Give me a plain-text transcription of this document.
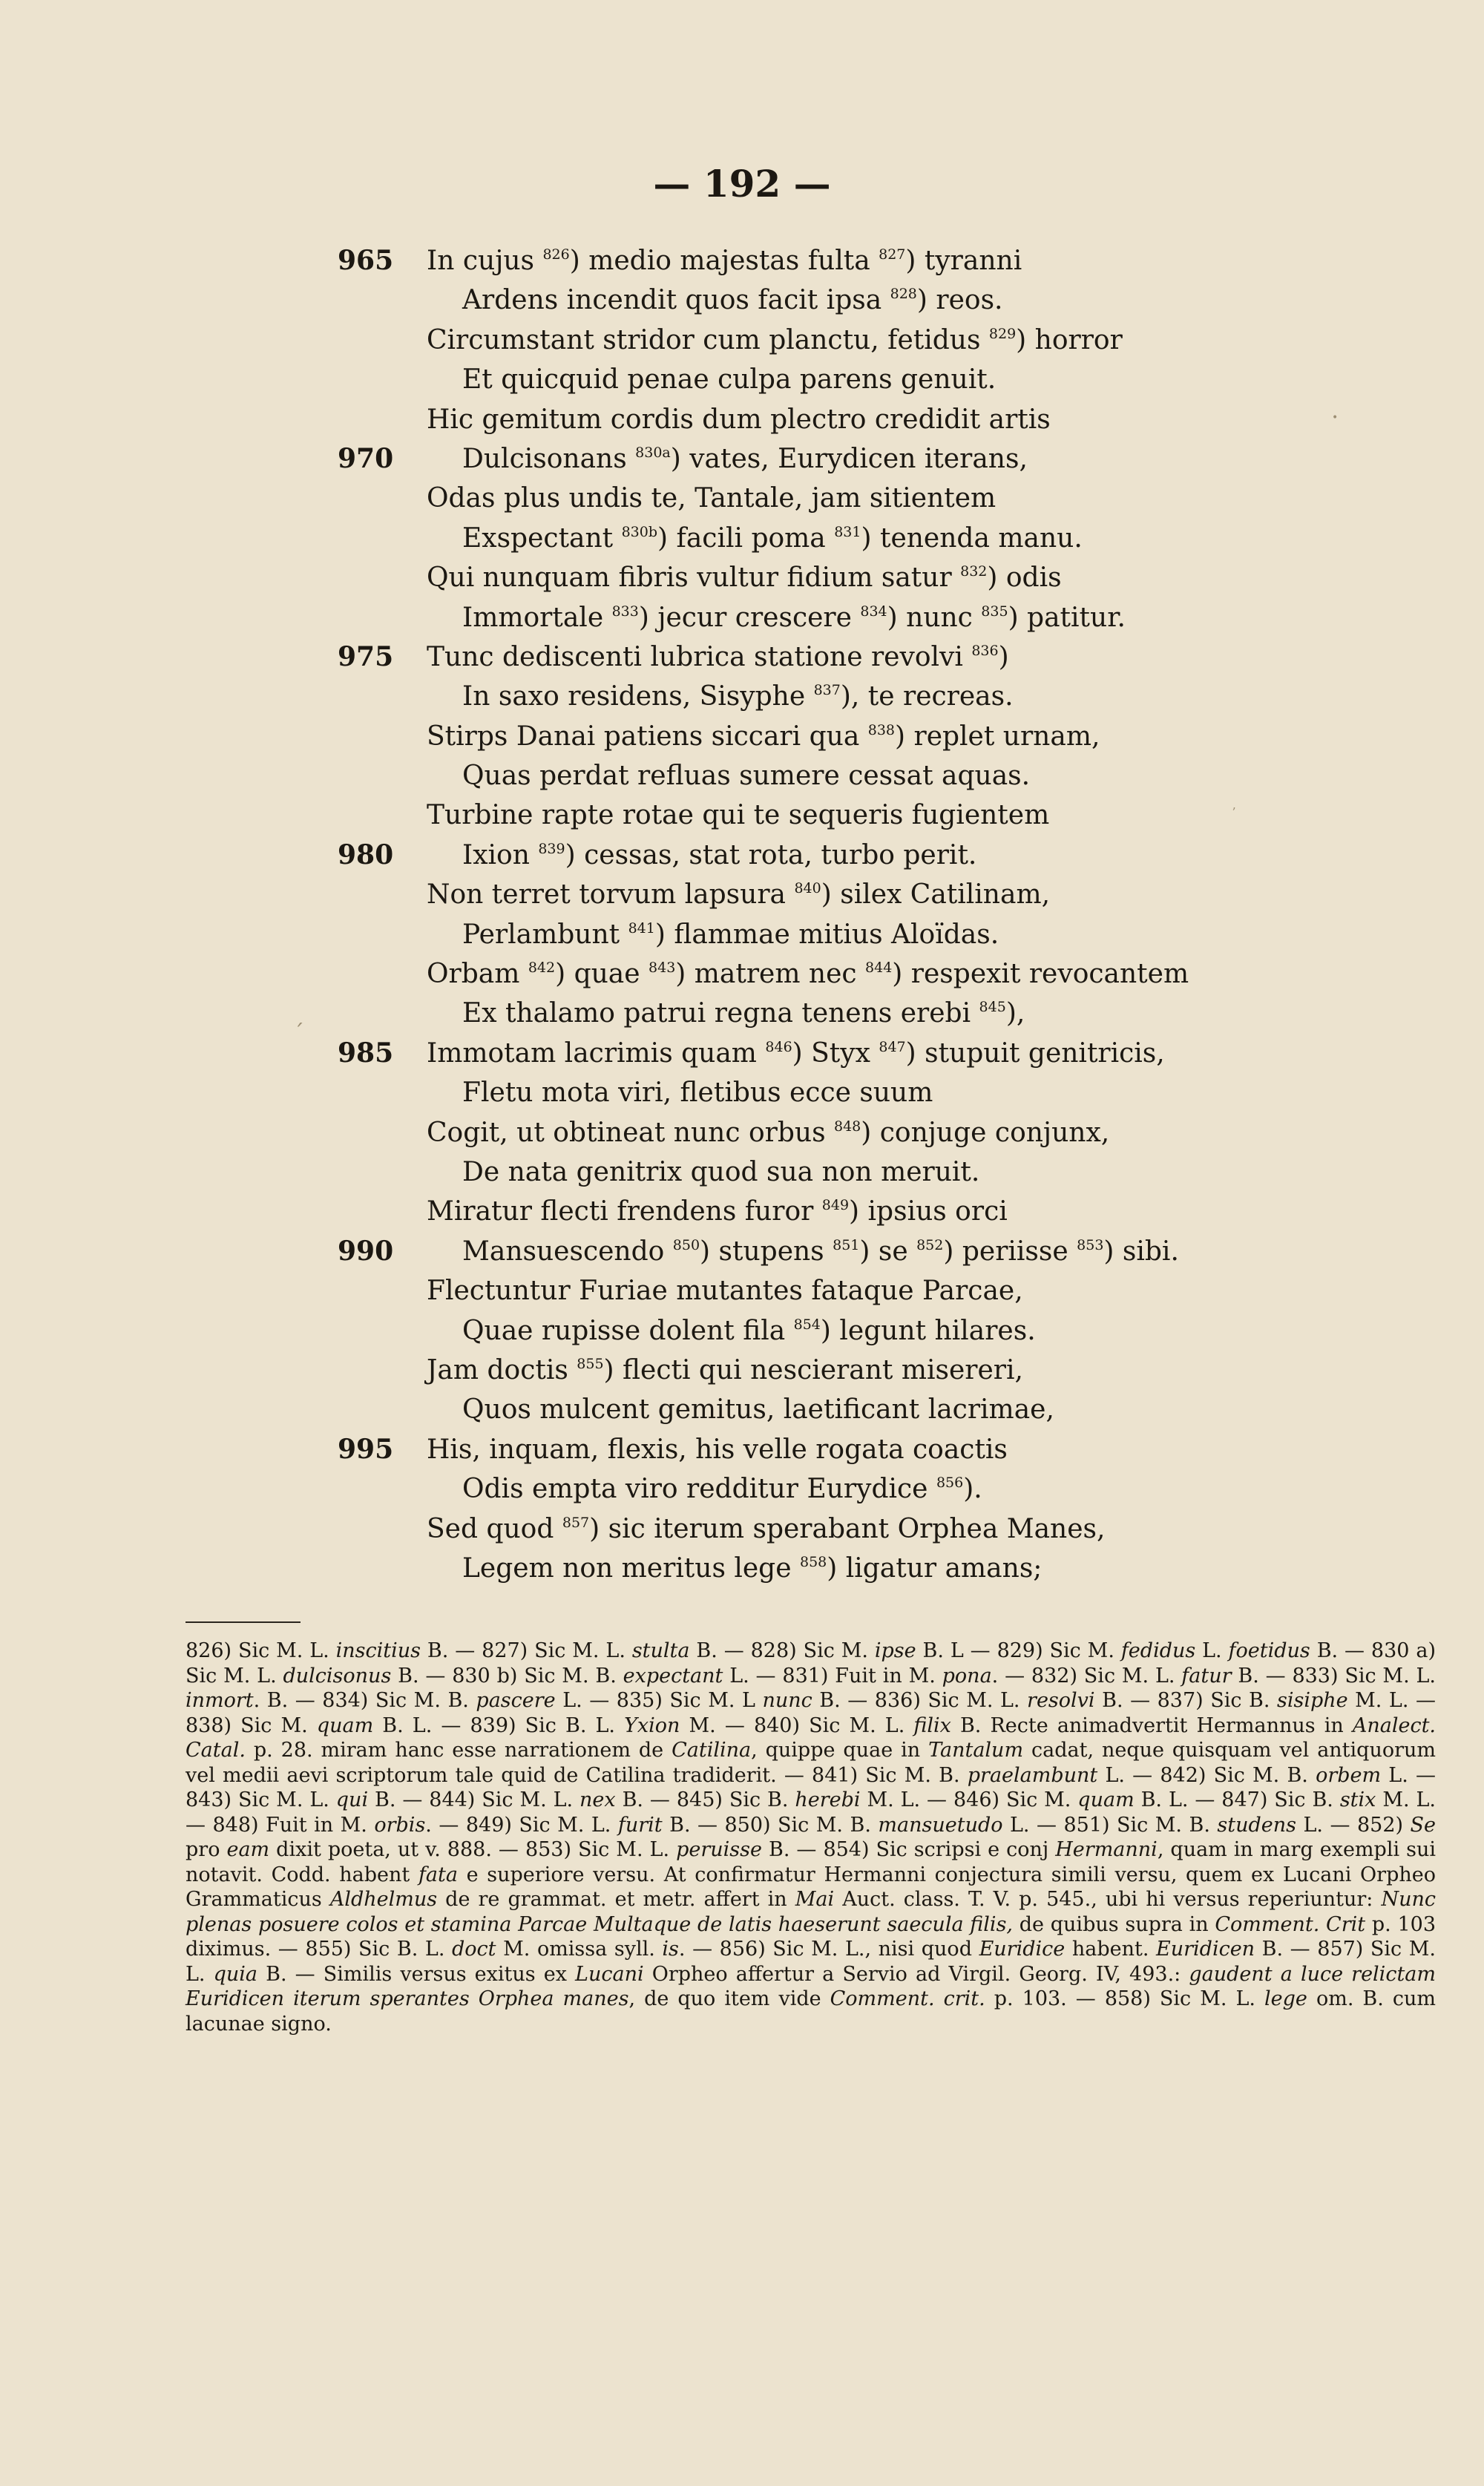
— 192 —
965 In cujus $^{826}$) medio majestas fulta $^{827}$) tyranni
Ardens incendit quos facit ipsa $^{828}$) reos.
Circumstant stridor cum planctu, fetidus $^{829}$) horror
Et quicquid penae culpa parens genuit.
Hic gemitum cordis dum plectro credidit artis
970	Dulcisonans $^{830a}$) vates, Eurydicen iterans,
Odas plus undis te, Tantale, jam sitientem
Exspectant $^{830b}$) facili poma $^{831}$) tenenda manu.
Qui nunquam fibris vultur fidium satur $^{832}$) odis
Immortale $^{833}$) jecur crescere $^{834}$) nunc $^{835}$) patitur.
975 Tunc dediscenti lubrica statione revolvi $^{836}$)
In saxo residens, Sisyphe $^{837}$), te recreas.
Stirps Danai patiens siccari qua $^{838}$) replet urnam,
Quas perdat refluas sumere cessat aquas.
Turbine rapte rotae qui te sequeris fugientem
980	Ixion $^{839}$) cessas, stat rota, turbo perit.
Non terret torvum lapsura $^{840}$) silex Catilinam,
Perlambunt $^{841}$) flammae mitius Aloïdas.
Orbam $^{842}$) quae $^{843}$) matrem nec $^{844}$) respexit revocantem
Ex thalamo patrui regna tenens erebi $^{845}$),
985 Immotam lacrimis quam $^{846}$) Styx $^{847}$) stupuit genitricis,
Fletu mota viri, fletibus ecce suum
Cogit, ut obtineat nunc orbus $^{848}$) conjuge conjunx,
De nata genitrix quod sua non meruit.
Miratur flecti frendens furor $^{849}$) ipsius orci
990	Mansuescendo $^{850}$) stupens $^{851}$) se $^{852}$) periisse $^{853}$) sibi.
Flectuntur Furiae mutantes fataque Parcae,
Quae rupisse dolent fila $^{854}$) legunt hilares.
Jam doctis $^{855}$) flecti qui nescierant misereri,
Quos mulcent gemitus, laetificant lacrimae,
995 His, inquam, flexis, his velle rogata coactis
Odis empta viro redditur Eurydice $^{856}$).
Sed quod $^{857}$) sic iterum sperabant Orphea Manes,
Legem non meritus lege $^{858}$) ligatur amans;
826) Sic M. L. inscitius B. — 827) Sic M. L. stulta B. — 828) Sic M. ipse B. L — 829) Sic M. fedidus L. foetidus B. — 830 a) Sic M. L. dulcisonus B. — 830 b) Sic M. B. expectant L. — 831) Fuit in M. pona. — 832) Sic M. L. fatur B. — 833) Sic M. L. inmort. B. — 834) Sic M. B. pascere L. — 835) Sic M. L nunc B. — 836) Sic M. L. resolvi B. — 837) Sic B. sisiphe M. L. — 838) Sic M. quam B. L. — 839) Sic B. L. Yxion M. — 840) Sic M. L. filix B. Recte animadvertit Hermannus in Analect. Catal. p. 28. miram hanc esse narrationem de Catilina, quippe quae in Tantalum cadat, neque quisquam vel antiquorum vel medii aevi scriptorum tale quid de Catilina tradiderit. — 841) Sic M. B. praelambunt L. — 842) Sic M. B. orbem L. — 843) Sic M. L. qui B. — 844) Sic M. L. nex B. — 845) Sic B. herebi M. L. — 846) Sic M. quam B. L. — 847) Sic B. stix M. L. — 848) Fuit in M. orbis. — 849) Sic M. L. furit B. — 850) Sic M. B. mansuetudo L. — 851) Sic M. B. studens L. — 852) Se pro eam dixit poeta, ut v. 888. — 853) Sic M. L. peruisse B. — 854) Sic scripsi e conj Hermanni, quam in marg exempli sui notavit. Codd. habent fata e superiore versu. At confirmatur Hermanni conjectura simili versu, quem ex Lucani Orpheo Grammaticus Aldhelmus de re grammat. et metr. affert in Mai Auct. class. T. V. p. 545., ubi hi versus reperiuntur: Nunc plenas posuere colos et stamina Parcae Multaque de latis haeserunt saecula filis, de quibus supra in Comment. Crit p. 103 diximus. — 855) Sic B. L. doct M. omissa syll. is. — 856) Sic M. L., nisi quod Euridice habent. Euridicen B. — 857) Sic M. L. quia B. — Similis versus exitus ex Lucani Orpheo affertur a Servio ad Virgil. Georg. IV, 493.: gaudent a luce relictam Euridicen iterum sperantes Orphea manes, de quo item vide Comment. crit. p. 103. — 858) Sic M. L. lege om. B. cum lacunae signo.
•
ʼ
ˊ
